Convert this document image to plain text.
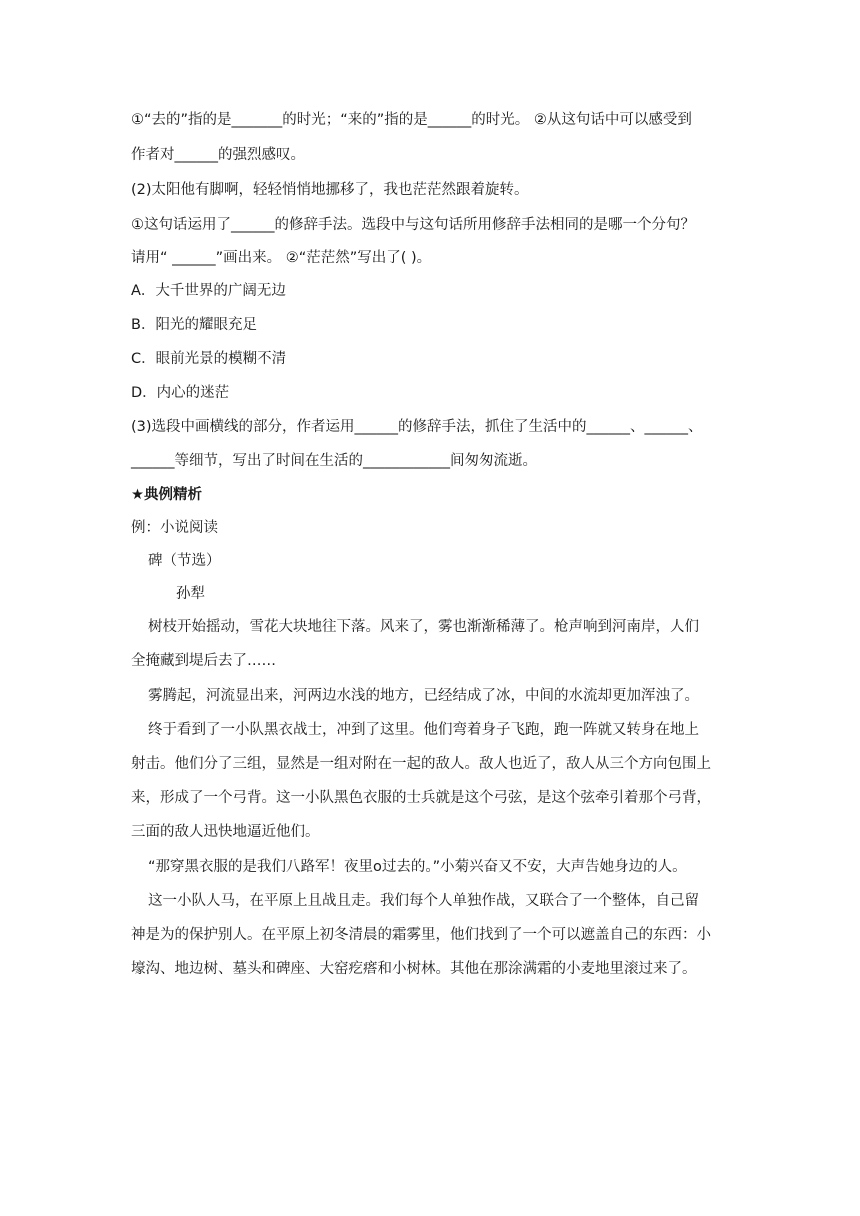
①“去的”指的是_______的时光；“来的”指的是______的时光。 ②从这句话中可以感受到
作者对______的强烈感叹。
(2)太阳他有脚啊，轻轻悄悄地挪移了，我也茫茫然跟着旋转。
①这句话运用了______的修辞手法。选段中与这句话所用修辞手法相同的是哪一个分句？
请用“ ______”画出来。 ②“茫茫然”写出了( )。
A．大千世界的广阔无边
B．阳光的耀眼充足
C．眼前光景的模糊不清
D．内心的迷茫
(3)选段中画横线的部分，作者运用______的修辞手法，抓住了生活中的______、______、
______等细节，写出了时间在生活的____________间匆匆流逝。
★典例精析
例：小说阅读
碑（节选）
孙犁
树枝开始摇动，雪花大块地往下落。风来了，雾也渐渐稀薄了。枪声响到河南岸，人们
全掩藏到堤后去了……
雾腾起，河流显出来，河两边水浅的地方，已经结成了冰，中间的水流却更加浑浊了。
终于看到了一小队黑衣战士，冲到了这里。他们弯着身子飞跑，跑一阵就又转身在地上
射击。他们分了三组，显然是一组对附在一起的敌人。敌人也近了，敌人从三个方向包围上
来，形成了一个弓背。这一小队黑色衣服的士兵就是这个弓弦，是这个弦牵引着那个弓背，
三面的敌人迅快地逼近他们。
“那穿黑衣服的是我们八路军！夜里o过去的。”小菊兴奋又不安，大声告她身边的人。
这一小队人马，在平原上且战且走。我们每个人单独作战，又联合了一个整体，自己留
神是为的保护别人。在平原上初冬清晨的霜雾里，他们找到了一个可以遮盖自己的东西：小
壕沟、地边树、墓头和碑座、大窑疙瘩和小树林。其他在那涂满霜的小麦地里滚过来了。
